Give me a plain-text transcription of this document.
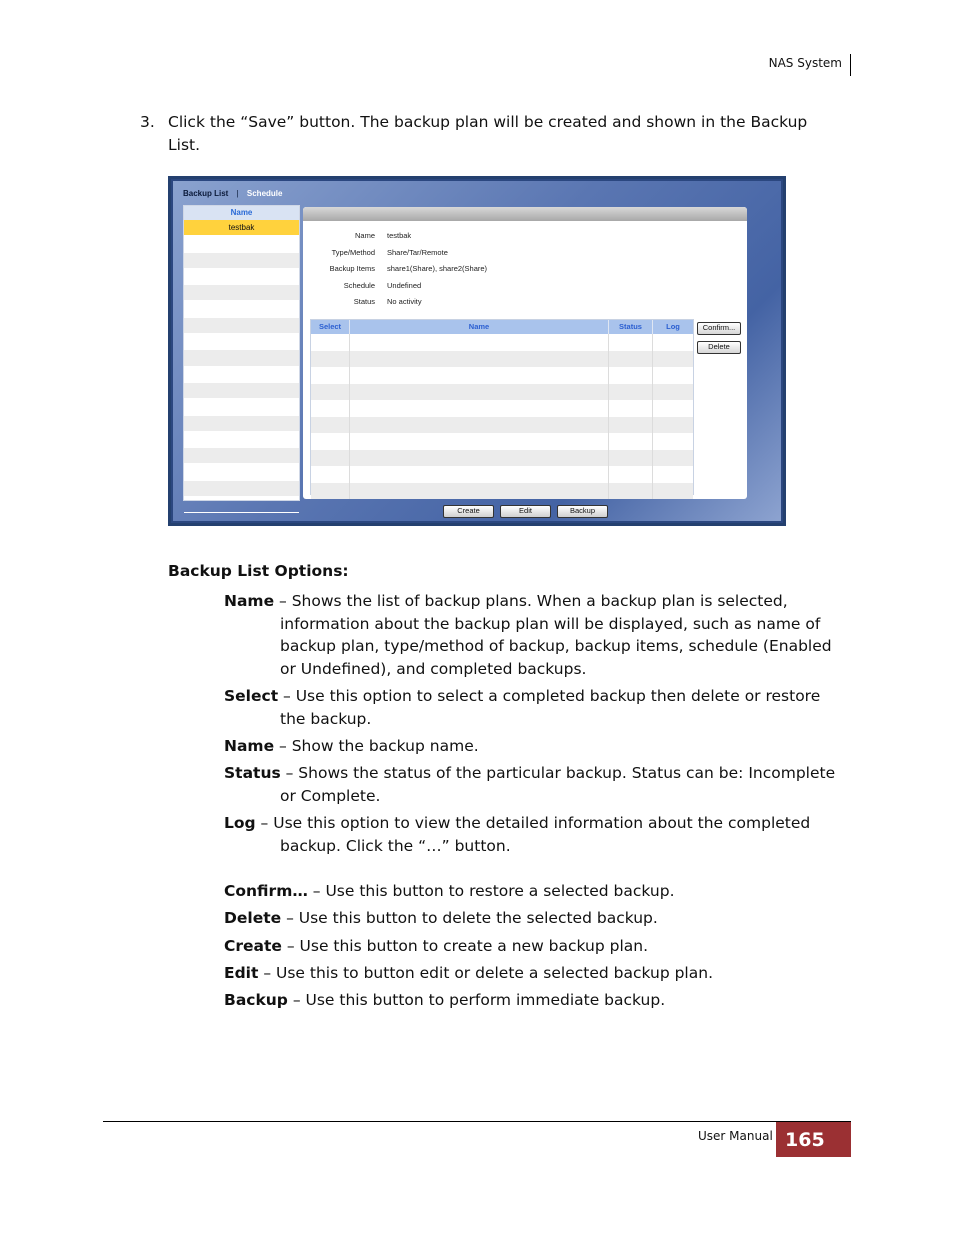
NAS System
3. Click the “Save” button. The backup plan will be created and shown in the Backup List.
Backup List | Schedule
Name
testbak
Name testbak
Type/Method Share/Tar/Remote
Backup Items share1(Share), share2(Share)
Schedule Undefined
Status No activity
Select	Name	Status	Log	Confirm...
Delete
Create	Edit	Backup
Backup List Options:
Name – Shows the list of backup plans. When a backup plan is selected, information about the backup plan will be displayed, such as name of backup plan, type/method of backup, backup items, schedule (Enabled or Undefined), and completed backups.
Select – Use this option to select a completed backup then delete or restore the backup.
Name – Show the backup name.
Status – Shows the status of the particular backup. Status can be: Incomplete or Complete.
Log – Use this option to view the detailed information about the completed backup. Click the “…” button.
Confirm… – Use this button to restore a selected backup.
Delete – Use this button to delete the selected backup.
Create – Use this button to create a new backup plan.
Edit – Use this to button edit or delete a selected backup plan.
Backup – Use this button to perform immediate backup.
User Manual 165
